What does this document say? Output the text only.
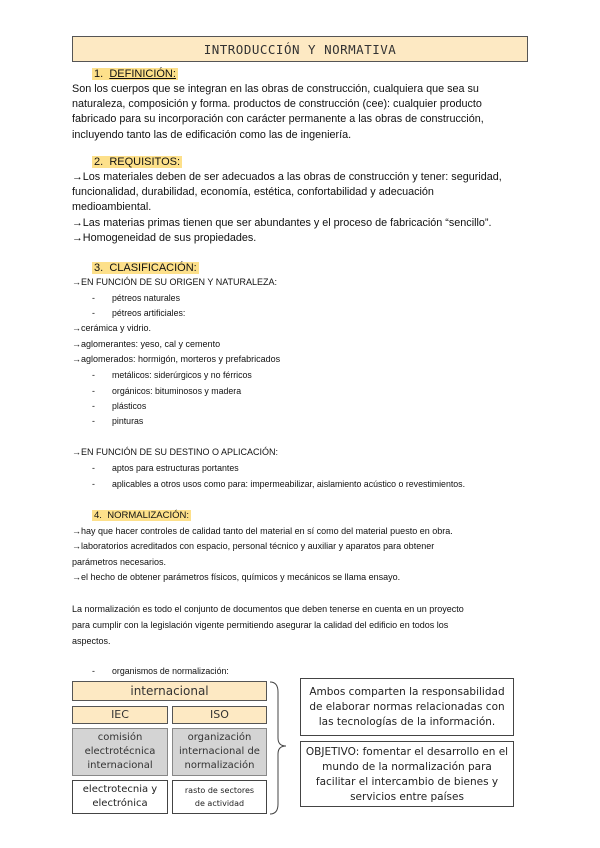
INTRODUCCIÓN Y NORMATIVA
1. DEFINICIÓN:
Son los cuerpos que se integran en las obras de construcción, cualquiera que sea su
naturaleza, composición y forma. productos de construcción (cee): cualquier producto
fabricado para su incorporación con carácter permanente a las obras de construcción,
incluyendo tanto las de edificación como las de ingeniería.
2. REQUISITOS:
→Los materiales deben de ser adecuados a las obras de construcción y tener: seguridad,
funcionalidad, durabilidad, economía, estética, confortabilidad y adecuación
medioambiental.
→Las materias primas tienen que ser abundantes y el proceso de fabricación “sencillo”.
→Homogeneidad de sus propiedades.
3. CLASIFICACIÓN:
→EN FUNCIÓN DE SU ORIGEN Y NATURALEZA:
- pétreos naturales
- pétreos artificiales:
→cerámica y vidrio.
→aglomerantes: yeso, cal y cemento
→aglomerados: hormigón, morteros y prefabricados
- metálicos: siderúrgicos y no férricos
- orgánicos: bituminosos y madera
- plásticos
- pinturas
→EN FUNCIÓN DE SU DESTINO O APLICACIÓN:
- aptos para estructuras portantes
- aplicables a otros usos como para: impermeabilizar, aislamiento acústico o revestimientos.
4. NORMALIZACIÓN:
→hay que hacer controles de calidad tanto del material en sí como del material puesto en obra.
→laboratorios acreditados con espacio, personal técnico y auxiliar y aparatos para obtener
parámetros necesarios.
→el hecho de obtener parámetros físicos, químicos y mecánicos se llama ensayo.
La normalización es todo el conjunto de documentos que deben tenerse en cuenta en un proyecto
para cumplir con la legislación vigente permitiendo asegurar la calidad del edificio en todos los
aspectos.
- organismos de normalización:
internacional
IEC	ISO
comisión
electrotécnica
internacional
organización
internacional de
normalización
electrotecnia y
electrónica
rasto de sectores
de actividad
Ambos comparten la responsabilidad
de elaborar normas relacionadas con
las tecnologías de la información.
OBJETIVO: fomentar el desarrollo en el
mundo de la normalización para
facilitar el intercambio de bienes y
servicios entre países
